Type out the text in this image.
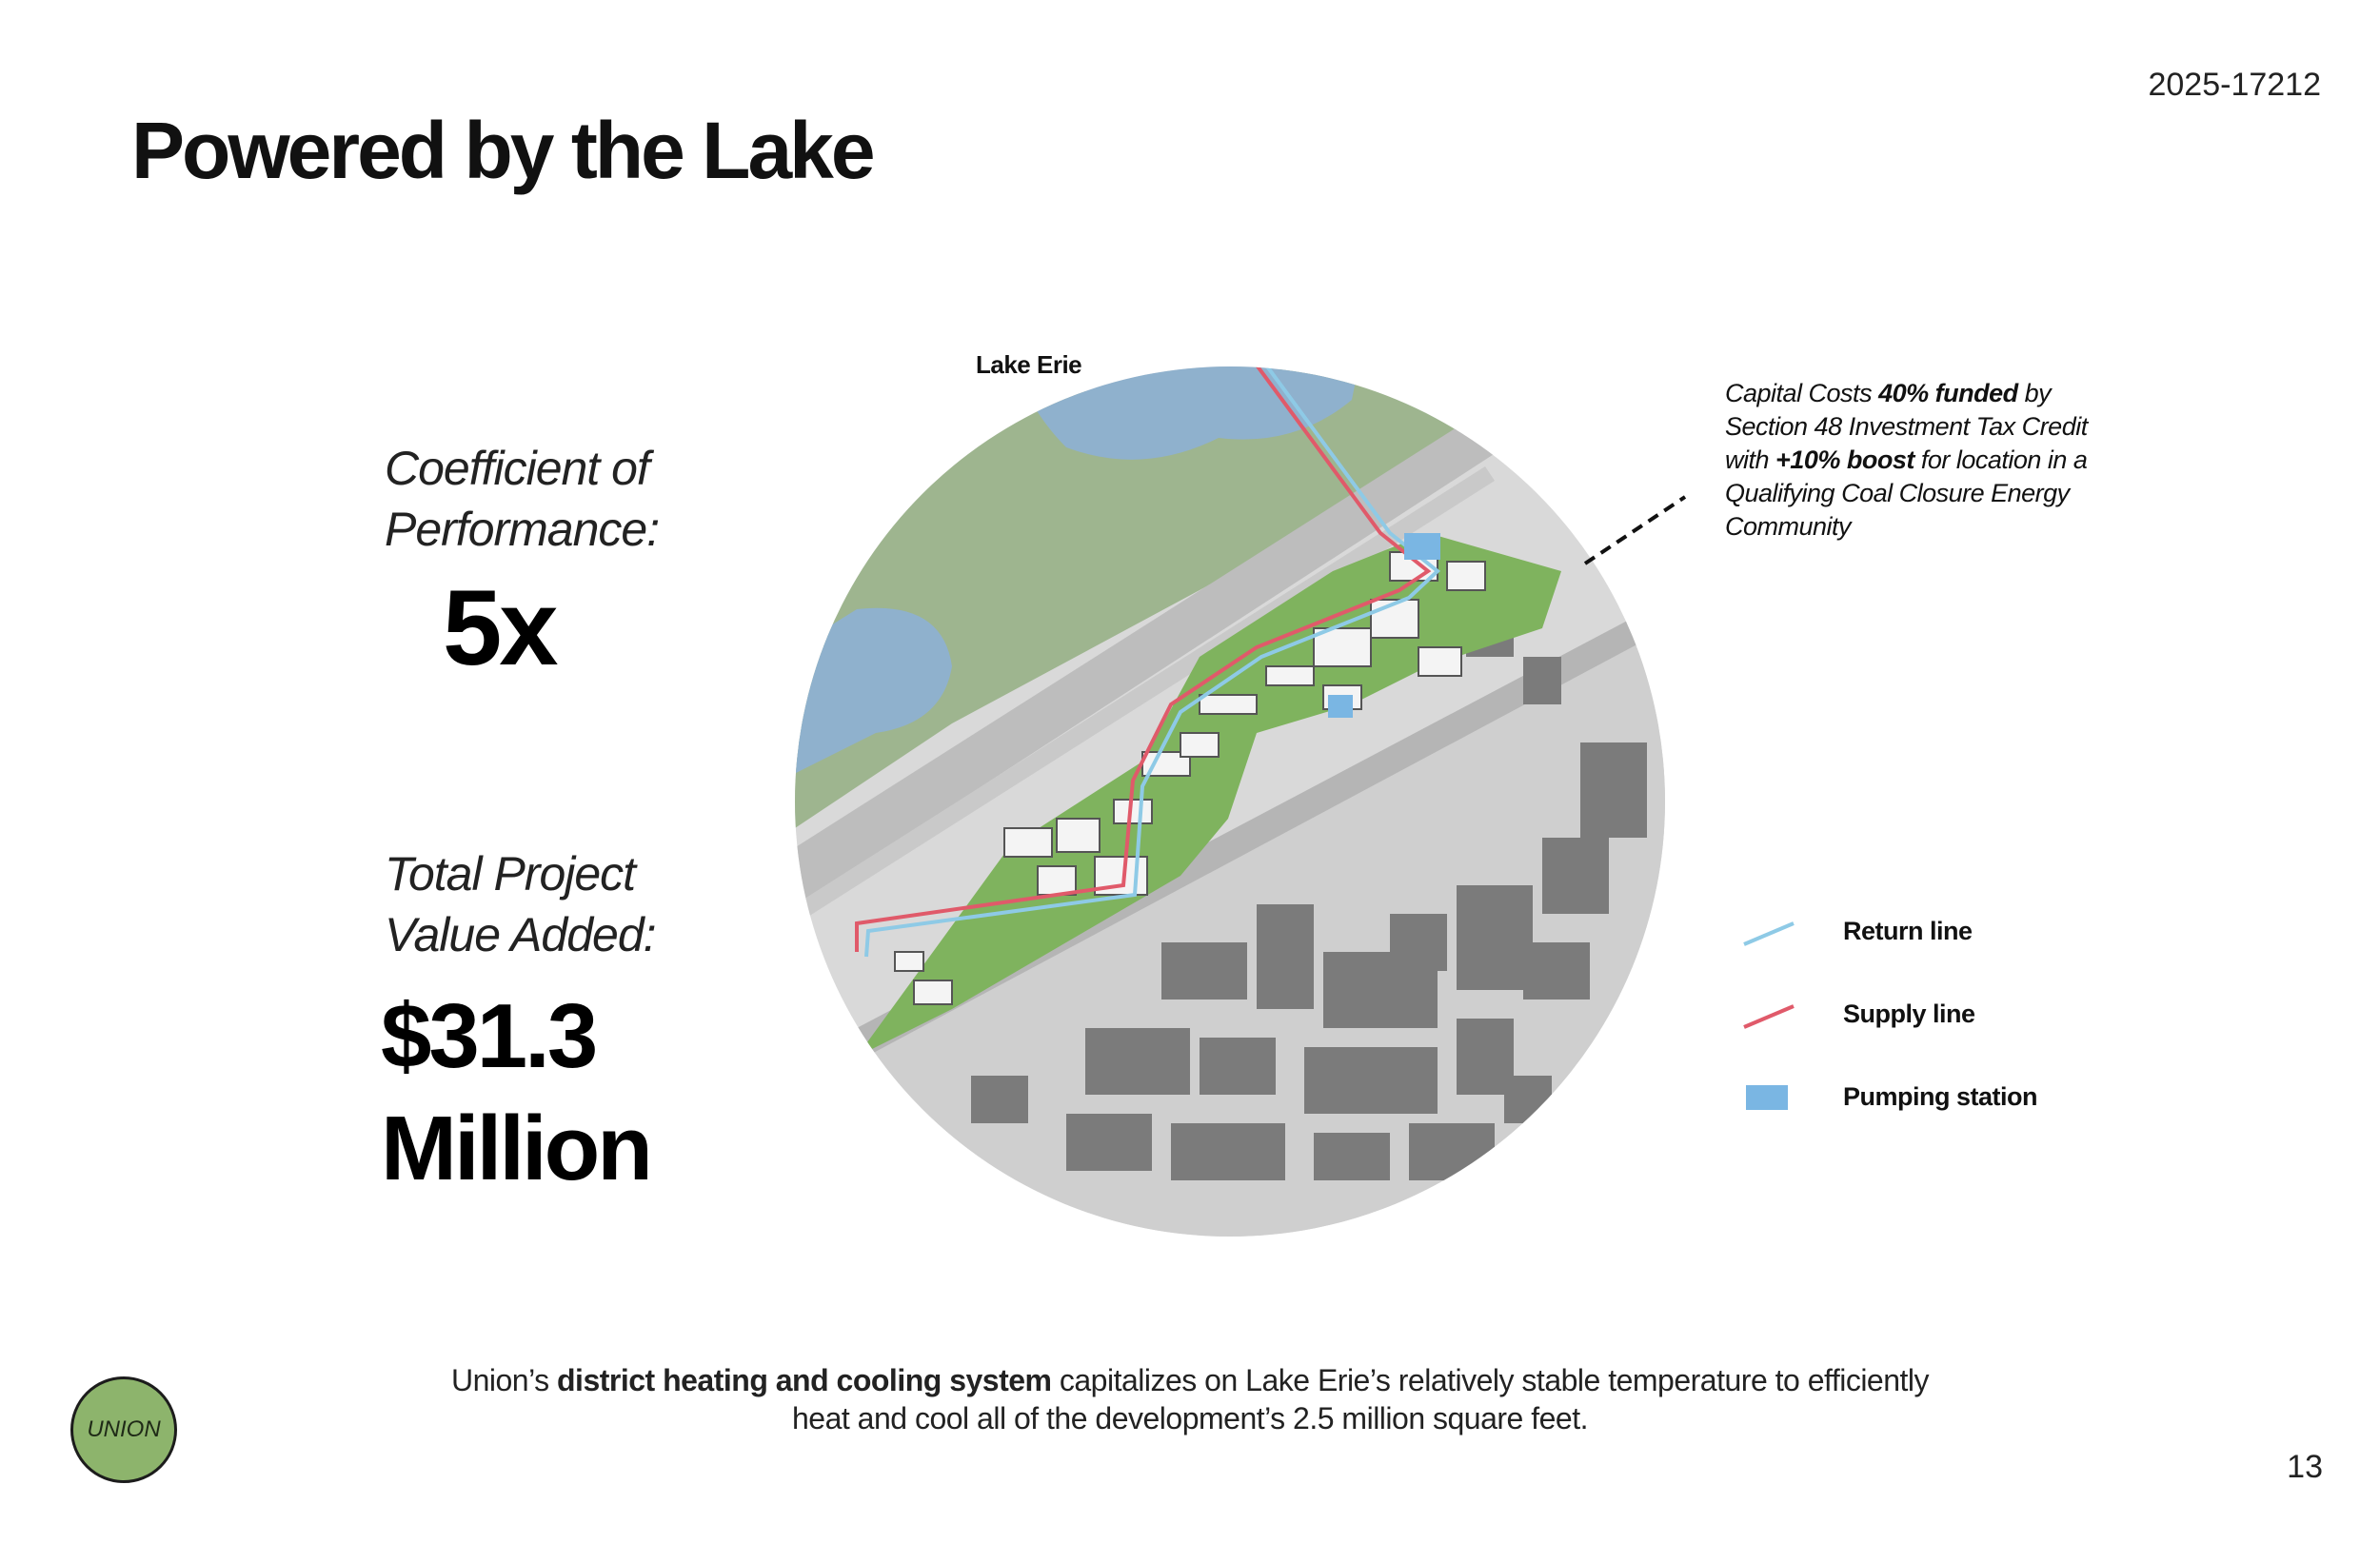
2025-17212
Powered by the Lake
Coefficient of
Performance:
5x
Total Project
Value Added:
$31.3 Million
Lake Erie
Capital Costs 40% funded by Section 48 Investment Tax Credit with +10% boost for location in a Qualifying Coal Closure Energy Community
Return line
Supply line
Pumping station
Union’s district heating and cooling system capitalizes on Lake Erie’s relatively stable temperature to efficiently
heat and cool all of the development’s 2.5 million square feet.
UNION
13
